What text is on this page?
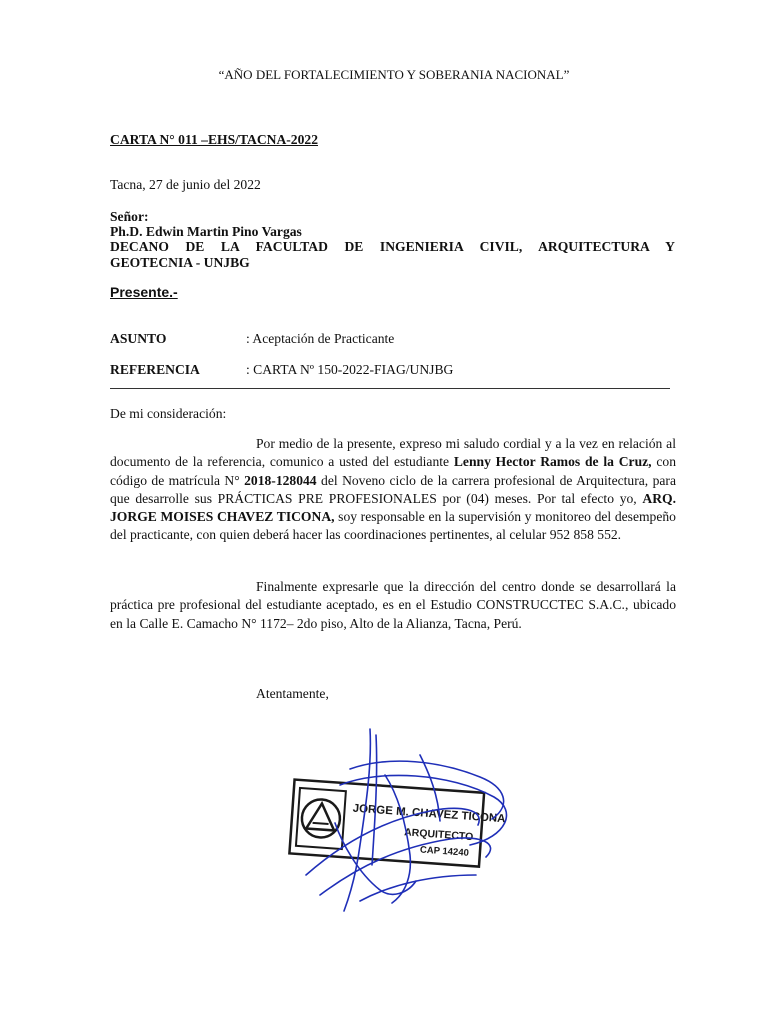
“AÑO DEL FORTALECIMIENTO Y SOBERANIA NACIONAL”
CARTA N° 011 –EHS/TACNA-2022
Tacna, 27 de junio del 2022
Señor:
Ph.D. Edwin Martin Pino Vargas
DECANO DE LA FACULTAD DE INGENIERIA CIVIL, ARQUITECTURA Y
GEOTECNIA - UNJBG
Presente.-
ASUNTO	: Aceptación de Practicante
REFERENCIA	: CARTA Nº 150-2022-FIAG/UNJBG
De mi consideración:
Por medio de la presente, expreso mi saludo cordial y a la vez en relación al documento de la referencia, comunico a usted del estudiante Lenny Hector Ramos de la Cruz, con código de matrícula N° 2018-128044 del Noveno ciclo de la carrera profesional de Arquitectura, para que desarrolle sus PRÁCTICAS PRE PROFESIONALES por (04) meses. Por tal efecto yo, ARQ. JORGE MOISES CHAVEZ TICONA, soy responsable en la supervisión y monitoreo del desempeño del practicante, con quien deberá hacer las coordinaciones pertinentes, al celular 952 858 552.
Finalmente expresarle que la dirección del centro donde se desarrollará la práctica pre profesional del estudiante aceptado, es en el Estudio CONSTRUCCTEC S.A.C., ubicado en la Calle E. Camacho N° 1172– 2do piso, Alto de la Alianza, Tacna, Perú.
Atentamente,
JORGE M. CHAVEZ TICONA
ARQUITECTO
CAP 14240
